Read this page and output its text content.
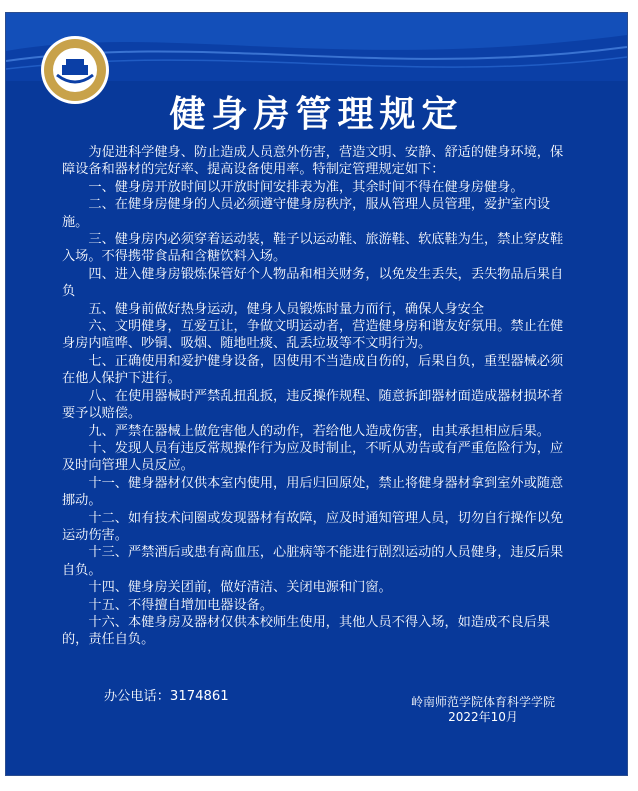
健身房管理规定

为促进科学健身、防止造成人员意外伤害，营造文明、安静、舒适的健身环境，保障设备和器材的完好率、提高设备使用率。特制定管理规定如下：

一、健身房开放时间以开放时间安排表为准，其余时间不得在健身房健身。

二、在健身房健身的人员必须遵守健身房秩序，服从管理人员管理，爱护室内设施。

三、健身房内必须穿着运动装，鞋子以运动鞋、旅游鞋、软底鞋为生，禁止穿皮鞋入场。不得携带食品和含糖饮料入场。

四、进入健身房锻炼保管好个人物品和相关财务，以免发生丢失，丢失物品后果自负

五、健身前做好热身运动，健身人员锻炼时量力而行，确保人身安全

六、文明健身，互爱互让，争做文明运动者，营造健身房和谐友好氛用。禁止在健身房内喧哗、吵铜、吸烟、随地吐痰、乱丢垃圾等不文明行为。

七、正确使用和爱护健身设备，因使用不当造成自伤的，后果自负，重型器械必须在他人保护下进行。

八、在使用器械时严禁乱扭乱扳，违反操作规程、随意拆卸器材面造成器材损坏者要予以赔偿。

九、严禁在器械上做危害他人的动作，若给他人造成伤害，由其承担相应后果。

十、发现人员有违反常规操作行为应及时制止，不听从劝告或有严重危险行为，应及时向管理人员反应。

十一、健身器材仅供本室内使用，用后归回原处，禁止将健身器材拿到室外或随意挪动。

十二、如有技术问圈或发现器材有故障，应及时通知管理人员，切勿自行操作以免运动伤害。

十三、严禁酒后或患有高血压，心脏病等不能进行剧烈运动的人员健身，违反后果自负。

十四、健身房关团前，做好清洁、关闭电源和门窗。

十五、不得擅自增加电器设备。

十六、本健身房及器材仅供本校师生使用，其他人员不得入场，如造成不良后果的，责任自负。

办公电话：3174861	岭南师范学院体育科学学院
2022年10月
